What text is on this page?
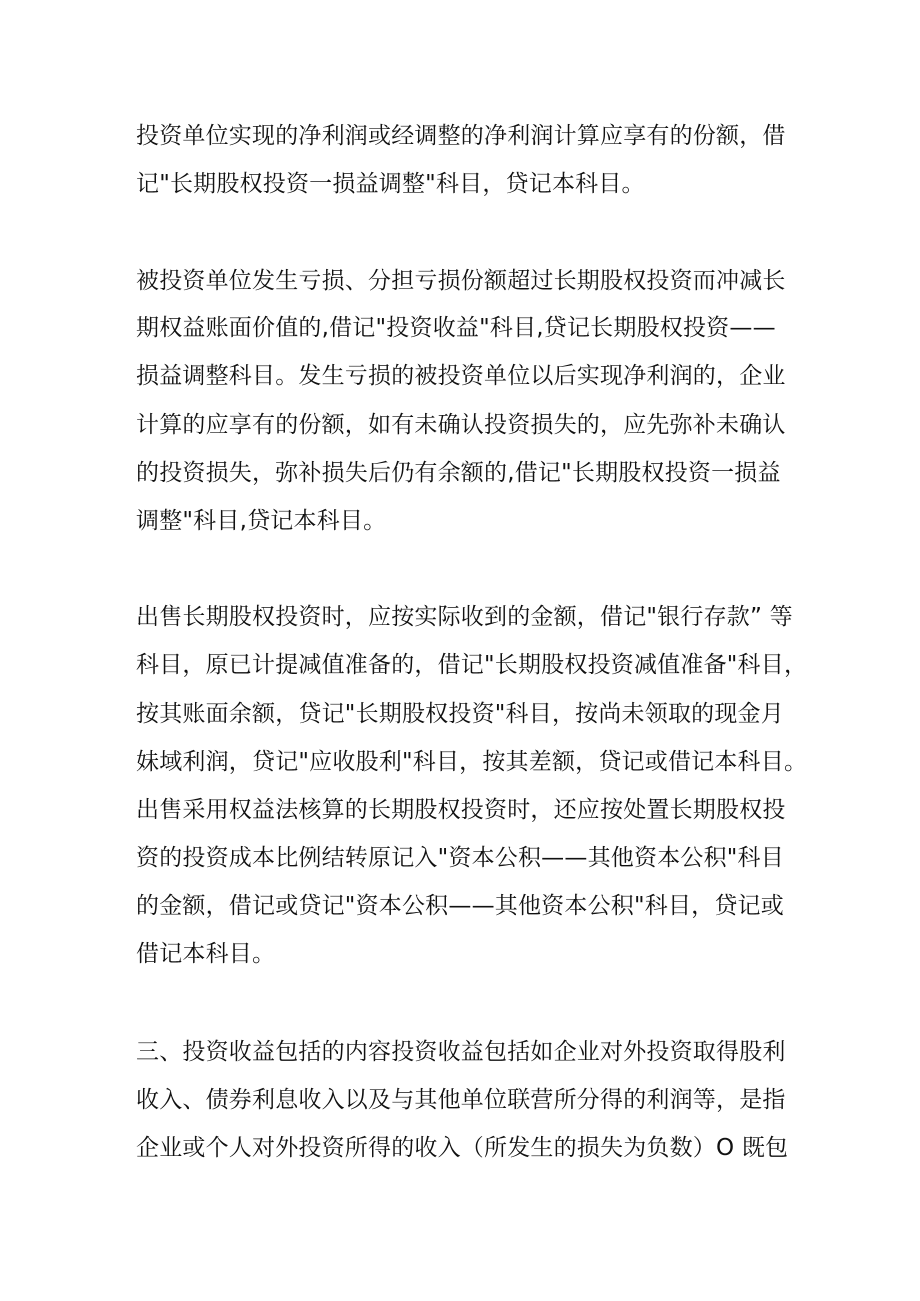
投资单位实现的净利润或经调整的净利润计算应享有的份额，借
记"长期股权投资一损益调整"科目，贷记本科目。
被投资单位发生亏损、分担亏损份额超过长期股权投资而冲减长
期权益账面价值的,借记"投资收益"科目,贷记长期股权投资——
损益调整科目。发生亏损的被投资单位以后实现净利润的，企业
计算的应享有的份额，如有未确认投资损失的，应先弥补未确认
的投资损失，弥补损失后仍有余额的,借记"长期股权投资一损益
调整"科目,贷记本科目。
出售长期股权投资时，应按实际收到的金额，借记"银行存款” 等
科目，原已计提减值准备的，借记"长期股权投资减值准备"科目，
按其账面余额，贷记"长期股权投资"科目，按尚未领取的现金月
妹域利润，贷记"应收股利"科目，按其差额，贷记或借记本科目。
出售采用权益法核算的长期股权投资时，还应按处置长期股权投
资的投资成本比例结转原记入"资本公积——其他资本公积"科目
的金额，借记或贷记"资本公积——其他资本公积"科目，贷记或
借记本科目。
三、投资收益包括的内容投资收益包括如企业对外投资取得股利
收入、债券利息收入以及与其他单位联营所分得的利润等，是指
企业或个人对外投资所得的收入（所发生的损失为负数）O 既包
